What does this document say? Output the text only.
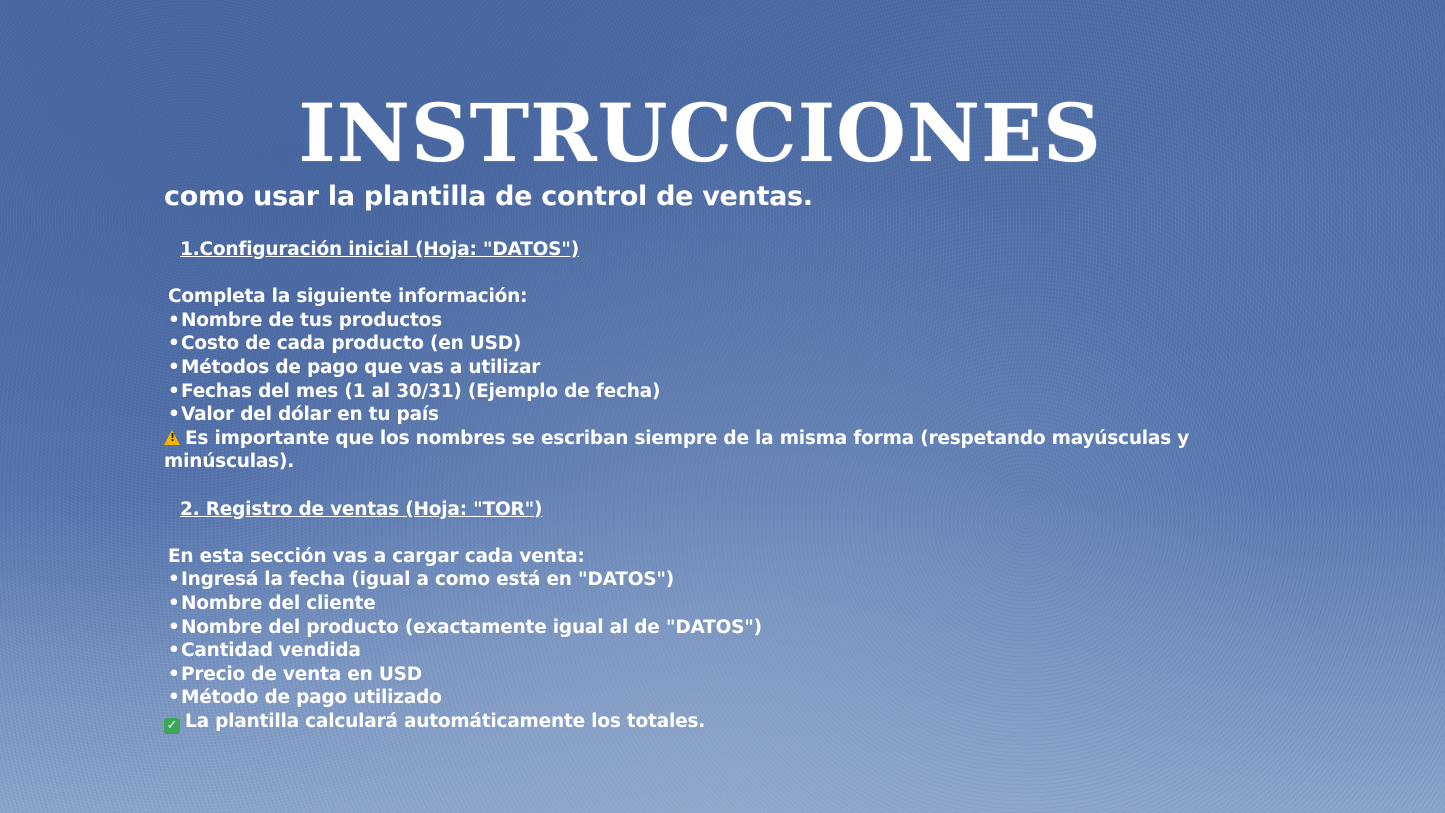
INSTRUCCIONES
como usar la plantilla de control de ventas.
1.Configuración inicial (Hoja: "DATOS")
Completa la siguiente información:
•Nombre de tus productos
•Costo de cada producto (en USD)
•Métodos de pago que vas a utilizar
•Fechas del mes (1 al 30/31) (Ejemplo de fecha)
•Valor del dólar en tu país
! Es importante que los nombres se escriban siempre de la misma forma (respetando mayúsculas y
minúsculas).
2. Registro de ventas (Hoja: "TOR")
En esta sección vas a cargar cada venta:
•Ingresá la fecha (igual a como está en "DATOS")
•Nombre del cliente
•Nombre del producto (exactamente igual al de "DATOS")
•Cantidad vendida
•Precio de venta en USD
•Método de pago utilizado
✓ La plantilla calculará automáticamente los totales.
